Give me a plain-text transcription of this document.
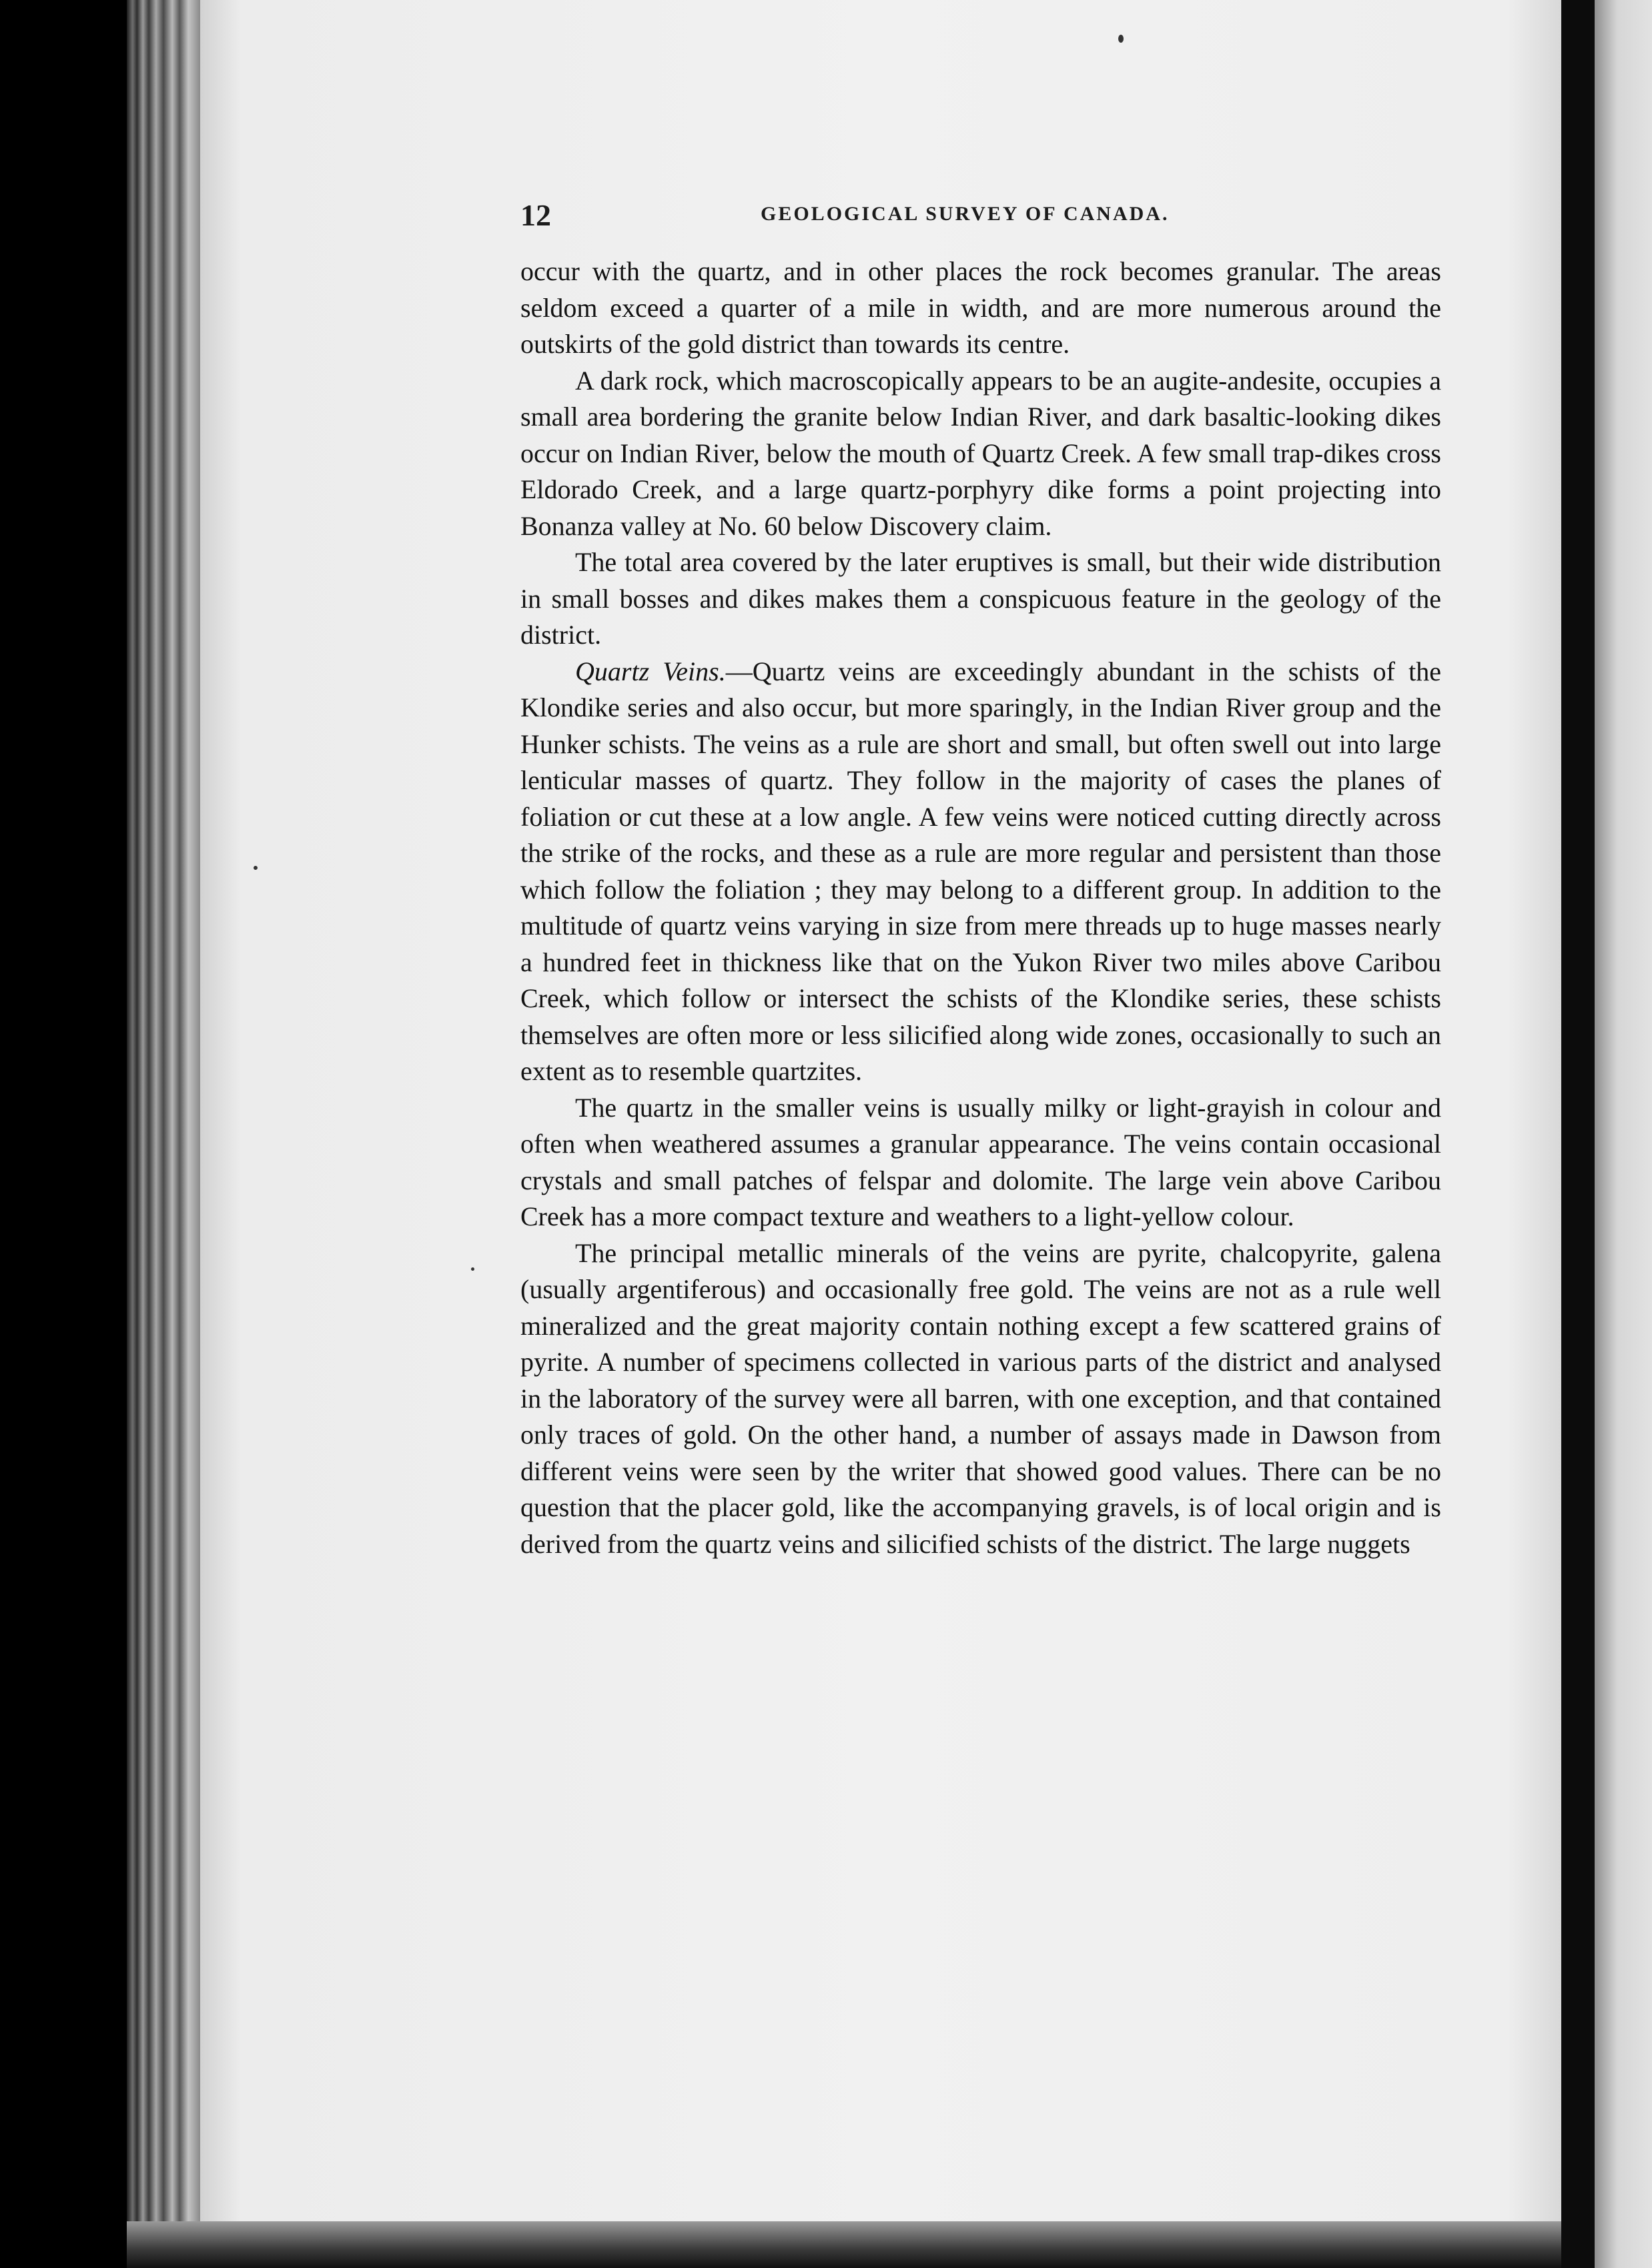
12	GEOLOGICAL SURVEY OF CANADA.

occur with the quartz, and in other places the rock becomes granular. The areas seldom exceed a quarter of a mile in width, and are more numerous around the outskirts of the gold district than towards its centre.

A dark rock, which macroscopically appears to be an augite-andesite, occupies a small area bordering the granite below Indian River, and dark basaltic-looking dikes occur on Indian River, below the mouth of Quartz Creek. A few small trap-dikes cross Eldorado Creek, and a large quartz-porphyry dike forms a point projecting into Bonanza valley at No. 60 below Discovery claim.

The total area covered by the later eruptives is small, but their wide distribution in small bosses and dikes makes them a conspicuous feature in the geology of the district.

Quartz Veins.—Quartz veins are exceedingly abundant in the schists of the Klondike series and also occur, but more sparingly, in the Indian River group and the Hunker schists. The veins as a rule are short and small, but often swell out into large lenticular masses of quartz. They follow in the majority of cases the planes of foliation or cut these at a low angle. A few veins were noticed cutting directly across the strike of the rocks, and these as a rule are more regular and persistent than those which follow the foliation ; they may belong to a different group. In addition to the multitude of quartz veins varying in size from mere threads up to huge masses nearly a hundred feet in thickness like that on the Yukon River two miles above Caribou Creek, which follow or intersect the schists of the Klondike series, these schists themselves are often more or less silicified along wide zones, occasionally to such an extent as to resemble quartzites.

The quartz in the smaller veins is usually milky or light-grayish in colour and often when weathered assumes a granular appearance. The veins contain occasional crystals and small patches of felspar and dolomite. The large vein above Caribou Creek has a more compact texture and weathers to a light-yellow colour.

The principal metallic minerals of the veins are pyrite, chalcopyrite, galena (usually argentiferous) and occasionally free gold. The veins are not as a rule well mineralized and the great majority contain nothing except a few scattered grains of pyrite. A number of specimens collected in various parts of the district and analysed in the laboratory of the survey were all barren, with one exception, and that contained only traces of gold. On the other hand, a number of assays made in Dawson from different veins were seen by the writer that showed good values. There can be no question that the placer gold, like the accompanying gravels, is of local origin and is derived from the quartz veins and silicified schists of the district. The large nuggets
